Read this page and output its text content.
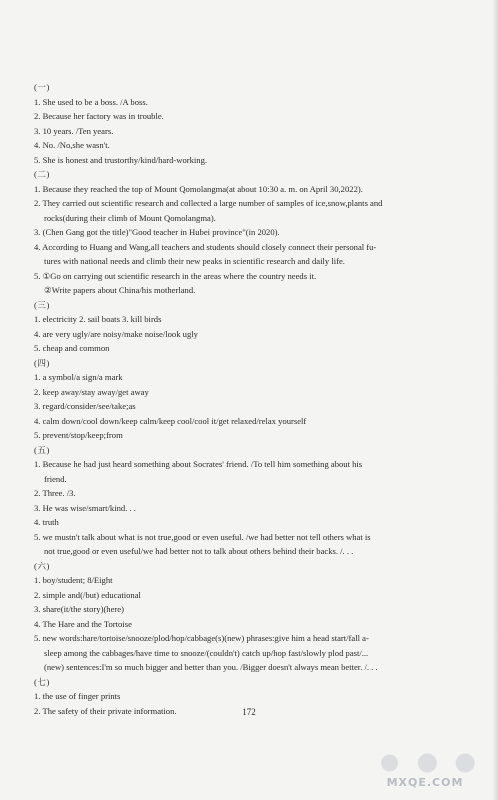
(一)
1. She used to be a boss. /A boss.
2. Because her factory was in trouble.
3. 10 years. /Ten years.
4. No. /No,she wasn't.
5. She is honest and trustorthy/kind/hard-working.
(二)
1. Because they reached the top of Mount Qomolangma(at about 10:30 a. m. on April 30,2022).
2. They carried out scientific research and collected a large number of samples of ice,snow,plants and
rocks(during their climb of Mount Qomolangma).
3. (Chen Gang got the title)"Good teacher in Hubei province"(in 2020).
4. According to Huang and Wang,all teachers and students should closely connect their personal fu-
tures with national needs and climb their new peaks in scientific research and daily life.
5. ①Go on carrying out scientific research in the areas where the country needs it.
②Write papers about China/his motherland.
(三)
1. electricity 2. sail boats 3. kill birds
4. are very ugly/are noisy/make noise/look ugly
5. cheap and common
(四)
1. a symbol/a sign/a mark
2. keep away/stay away/get away
3. regard/consider/see/take;as
4. calm down/cool down/keep calm/keep cool/cool it/get relaxed/relax yourself
5. prevent/stop/keep;from
(五)
1. Because he had just heard something about Socrates' friend. /To tell him something about his
friend.
2. Three. /3.
3. He was wise/smart/kind. . .
4. truth
5. we mustn't talk about what is not true,good or even useful. /we had better not tell others what is
not true,good or even useful/we had better not to talk about others behind their backs. /. . .
(六)
1. boy/student; 8/Eight
2. simple and(/but) educational
3. share(it/the story)(here)
4. The Hare and the Tortoise
5. new words:hare/tortoise/snooze/plod/hop/cabbage(s)(new) phrases:give him a head start/fall a-
sleep among the cabbages/have time to snooze/(couldn't) catch up/hop fast/slowly plod past/...
(new) sentences:I'm so much bigger and better than you. /Bigger doesn't always mean better. /. . .
(七)
1. the use of finger prints
2. The safety of their private information.	172
MXQE.COM
